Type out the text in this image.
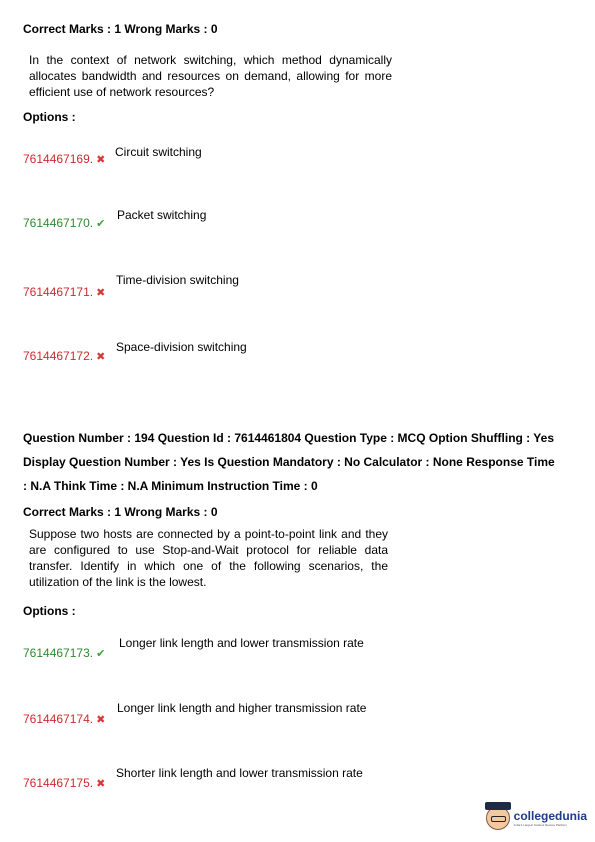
Correct Marks : 1 Wrong Marks : 0
In the context of network switching, which method dynamically allocates bandwidth and resources on demand, allowing for more efficient use of network resources?
Options :
7614467169. ✖
Circuit switching
7614467170. ✔
Packet switching
7614467171. ✖
Time-division switching
7614467172. ✖
Space-division switching
Question Number : 194 Question Id : 7614461804 Question Type : MCQ Option Shuffling : Yes
Display Question Number : Yes Is Question Mandatory : No Calculator : None Response Time
: N.A Think Time : N.A Minimum Instruction Time : 0
Correct Marks : 1 Wrong Marks : 0
Suppose two hosts are connected by a point-to-point link and they are configured to use Stop-and-Wait protocol for reliable data transfer. Identify in which one of the following scenarios, the utilization of the link is the lowest.
Options :
7614467173. ✔
Longer link length and lower transmission rate
7614467174. ✖
Longer link length and higher transmission rate
7614467175. ✖
Shorter link length and lower transmission rate
collegedunia
India's Largest Student Review Platform
